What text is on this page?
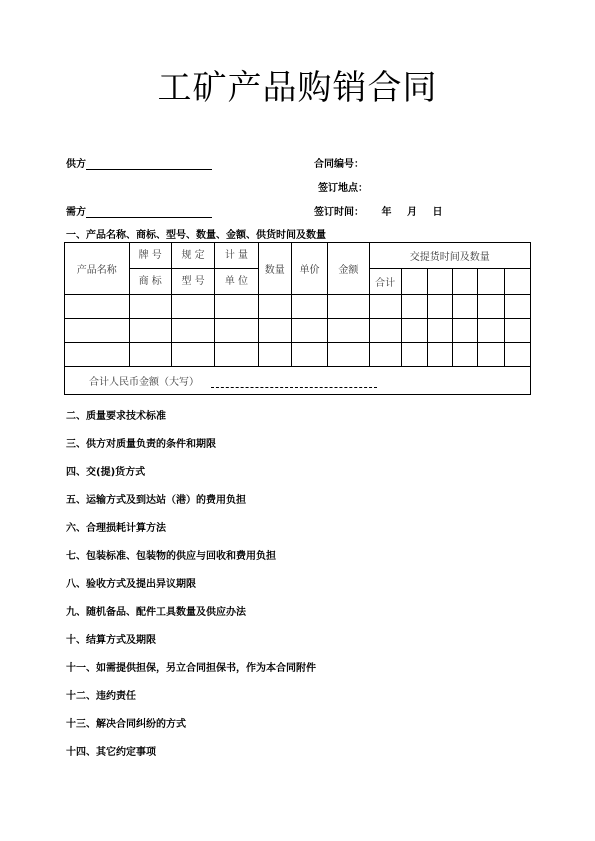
工矿产品购销合同
供方	合同编号：
签订地点：
需方	签订时间： 年 月 日
一、产品名称、商标、型号、数量、金额、供货时间及数量
产品名称	牌 号	规 定	计 量	数量	单价	金额	交提货时间及数量					
	商 标	型 号	单 位				合计					

合计人民币金额（大写）												
二、质量要求技术标准
三、供方对质量负责的条件和期限
四、交(提)货方式
五、运输方式及到达站（港）的费用负担
六、合理损耗计算方法
七、包装标准、包装物的供应与回收和费用负担
八、验收方式及提出异议期限
九、随机备品、配件工具数量及供应办法
十、结算方式及期限
十一、如需提供担保，另立合同担保书，作为本合同附件
十二、违约责任
十三、解决合同纠纷的方式
十四、其它约定事项
